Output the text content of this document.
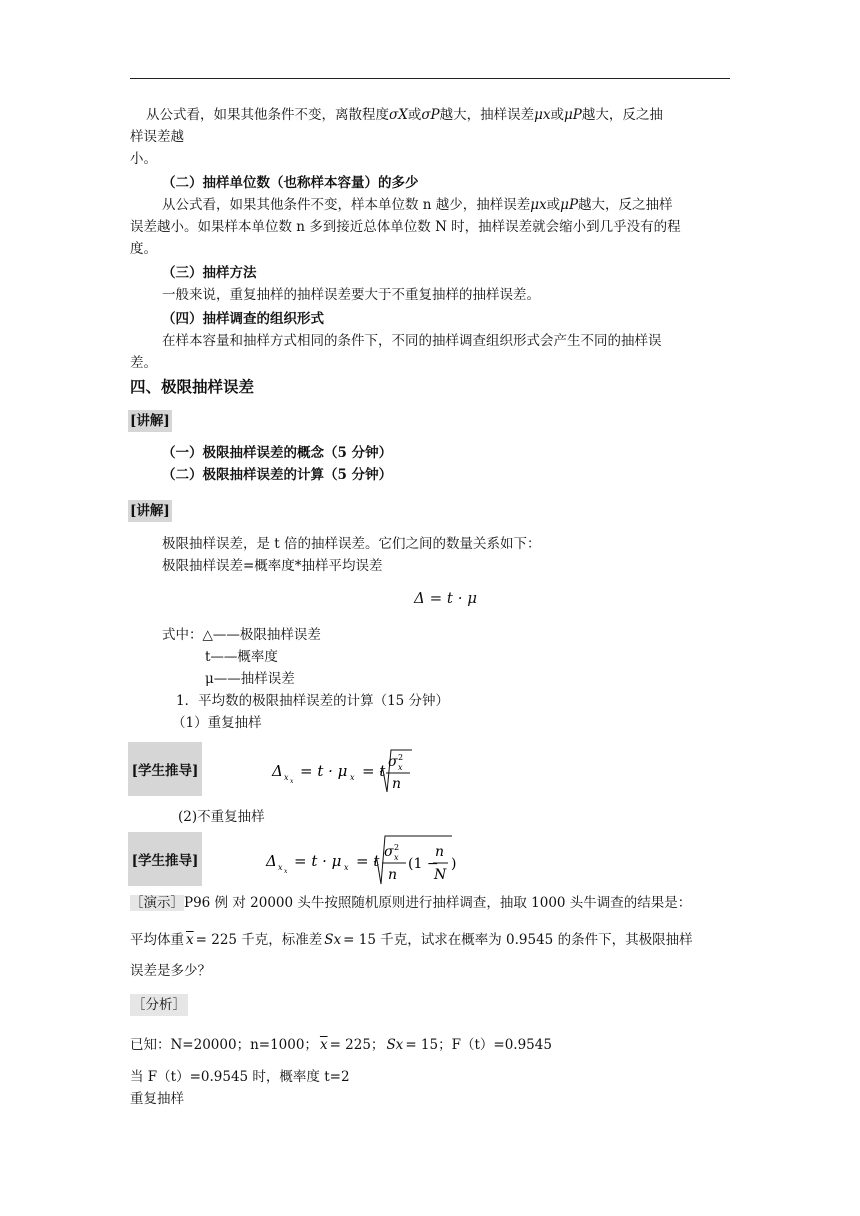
从公式看，如果其他条件不变，离散程度σX或σP越大，抽样误差μx或μP越大，反之抽
样误差越
小。
（二）抽样单位数（也称样本容量）的多少
从公式看，如果其他条件不变，样本单位数 n 越少，抽样误差μx或μP越大，反之抽样
误差越小。如果样本单位数 n 多到接近总体单位数 N 时，抽样误差就会缩小到几乎没有的程
度。
（三）抽样方法
一般来说，重复抽样的抽样误差要大于不重复抽样的抽样误差。
（四）抽样调查的组织形式
在样本容量和抽样方式相同的条件下，不同的抽样调查组织形式会产生不同的抽样误
差。
四、极限抽样误差
[讲解]
（一）极限抽样误差的概念（5 分钟）
（二）极限抽样误差的计算（5 分钟）
[讲解]
极限抽样误差，是 t 倍的抽样误差。它们之间的数量关系如下：
极限抽样误差=概率度*抽样平均误差
Δ = t · μ
式中：△——极限抽样误差
t——概率度
μ——抽样误差
1．平均数的极限抽样误差的计算（15 分钟）
（1）重复抽样
[学生推导]	Δ x x
= t · μ x = t σ 2
x
n
(2)不重复抽样
[学生推导]	Δ x x
= t · μ x = t σ 2
x
n
(1 −
n
N
)
［演示］P96 例 对 20000 头牛按照随机原则进行抽样调查，抽取 1000 头牛调查的结果是：
平均体重 $\overline{x} = 225$ 千克，标准差 Sx = 15 千克，试求在概率为 0.9545 的条件下，其极限抽样
误差是多少？
［分析］
已知：N=20000；n=1000； $\overline{x} = 225$； Sx = 15；F（t）=0.9545
当 F（t）=0.9545 时，概率度 t=2
重复抽样
